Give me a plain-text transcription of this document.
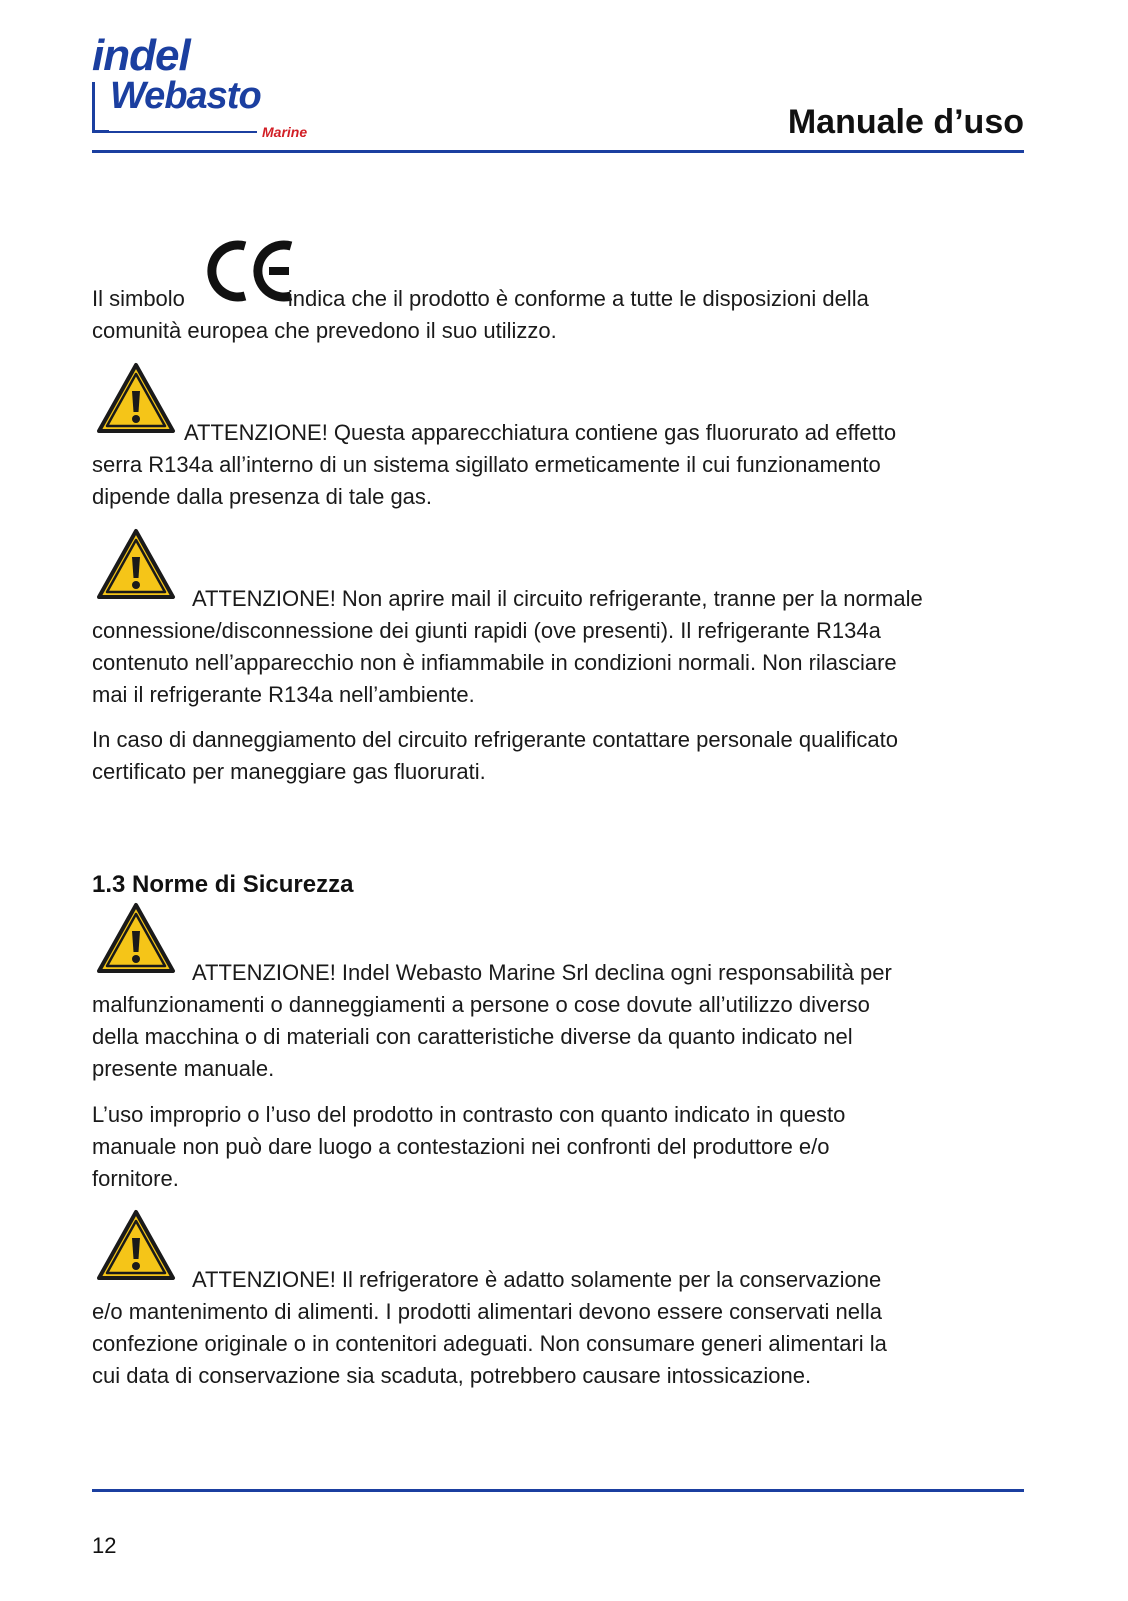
indel
Webasto
Marine	Manuale d’uso

Il simbolo	indica che il prodotto è conforme a tutte le disposizioni della

comunità europea che prevedono il suo utilizzo.

ATTENZIONE! Questa apparecchiatura contiene gas fluorurato ad effetto

serra R134a all’interno di un sistema sigillato ermeticamente il cui funzionamento

dipende dalla presenza di tale gas.

ATTENZIONE! Non aprire mail il circuito refrigerante, tranne per la normale

connessione/disconnessione dei giunti rapidi (ove presenti). Il refrigerante R134a

contenuto nell’apparecchio non è infiammabile in condizioni normali. Non rilasciare

mai il refrigerante R134a nell’ambiente.

In caso di danneggiamento del circuito refrigerante contattare personale qualificato

certificato per maneggiare gas fluorurati.

1.3 Norme di Sicurezza

ATTENZIONE! Indel Webasto Marine Srl declina ogni responsabilità per

malfunzionamenti o danneggiamenti a persone o cose dovute all’utilizzo diverso

della macchina o di materiali con caratteristiche diverse da quanto indicato nel

presente manuale.

L’uso improprio o l’uso del prodotto in contrasto con quanto indicato in questo

manuale non può dare luogo a contestazioni nei confronti del produttore e/o

fornitore.

ATTENZIONE! Il refrigeratore è adatto solamente per la conservazione

e/o mantenimento di alimenti. I prodotti alimentari devono essere conservati nella

confezione originale o in contenitori adeguati. Non consumare generi alimentari la

cui data di conservazione sia scaduta, potrebbero causare intossicazione.

12
